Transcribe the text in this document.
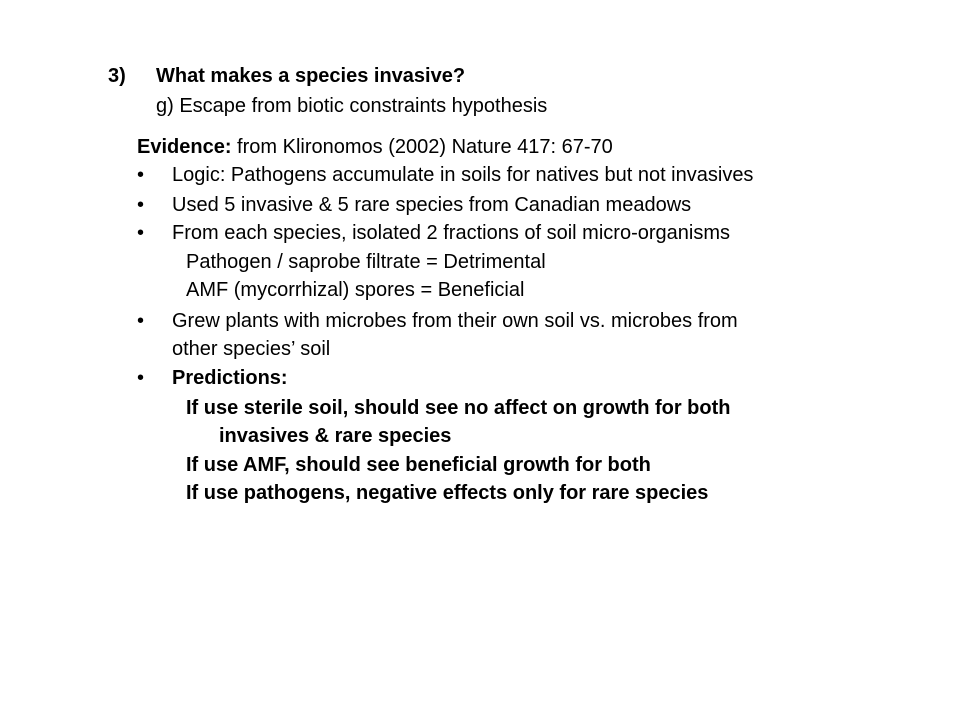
3) What makes a species invasive?
g) Escape from biotic constraints hypothesis
Evidence: from Klironomos (2002) Nature 417: 67-70
• Logic: Pathogens accumulate in soils for natives but not invasives
• Used 5 invasive & 5 rare species from Canadian meadows
• From each species, isolated 2 fractions of soil micro-organisms
Pathogen / saprobe filtrate = Detrimental
AMF (mycorrhizal) spores = Beneficial
• Grew plants with microbes from their own soil vs. microbes from
other species’ soil
• Predictions:
If use sterile soil, should see no affect on growth for both
invasives & rare species
If use AMF, should see beneficial growth for both
If use pathogens, negative effects only for rare species
